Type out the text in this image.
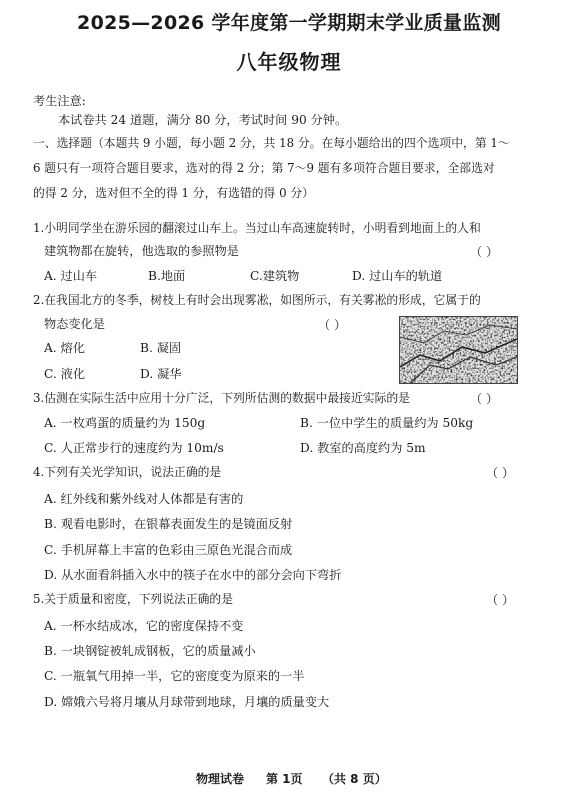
2025—2026 学年度第一学期期末学业质量监测
八年级物理
考生注意:
本试卷共 24 道题，满分 80 分，考试时间 90 分钟。
一、选择题（本题共 9 小题，每小题 2 分，共 18 分。在每小题给出的四个选项中，第 1～
6 题只有一项符合题目要求，选对的得 2 分；第 7～9 题有多项符合题目要求，全部选对
的得 2 分，选对但不全的得 1 分，有选错的得 0 分）
1.小明同学坐在游乐园的翻滚过山车上。当过山车高速旋转时，小明看到地面上的人和
建筑物都在旋转，他选取的参照物是	（ ）
A. 过山车	B.地面	C.建筑物	D. 过山车的轨道
2.在我国北方的冬季，树枝上有时会出现雾凇，如图所示，有关雾凇的形成，它属于的
物态变化是	（ ）
A. 熔化	B. 凝固
C. 液化	D. 凝华
3.估测在实际生活中应用十分广泛，下列所估测的数据中最接近实际的是	（ ）
A. 一枚鸡蛋的质量约为 150g	B. 一位中学生的质量约为 50kg
C. 人正常步行的速度约为 10m/s	D. 教室的高度约为 5m
4.下列有关光学知识，说法正确的是	（ ）
A. 红外线和紫外线对人体都是有害的
B. 观看电影时，在银幕表面发生的是镜面反射
C. 手机屏幕上丰富的色彩由三原色光混合而成
D. 从水面看斜插入水中的筷子在水中的部分会向下弯折
5.关于质量和密度，下列说法正确的是	（ ）
A. 一杯水结成冰，它的密度保持不变
B. 一块钢锭被轧成钢板，它的质量减小
C. 一瓶氧气用掉一半，它的密度变为原来的一半
D. 嫦娥六号将月壤从月球带到地球，月壤的质量变大
物理试卷 第 1页 （共 8 页）
